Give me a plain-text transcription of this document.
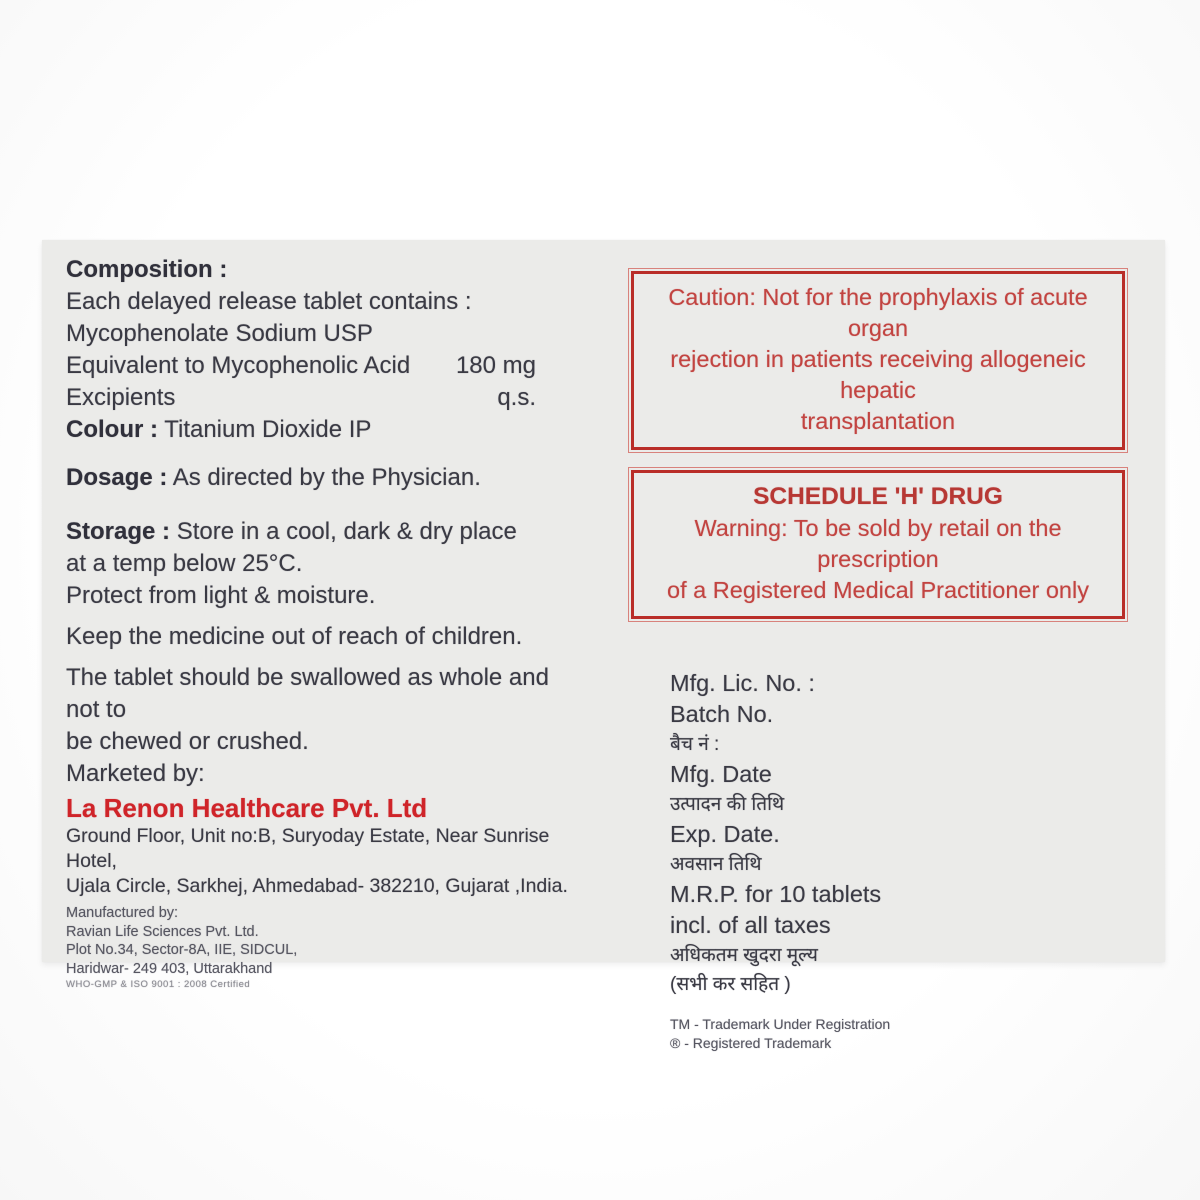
Composition :
Each delayed release tablet contains :
Mycophenolate Sodium USP
Equivalent to Mycophenolic Acid 180 mg
Excipients	q.s.
Colour : Titanium Dioxide IP
Dosage : As directed by the Physician.
Storage : Store in a cool, dark & dry place
at a temp below 25°C.
Protect from light & moisture.
Keep the medicine out of reach of children.
The tablet should be swallowed as whole and not to
be chewed or crushed.
Marketed by:
La Renon Healthcare Pvt. Ltd
Ground Floor, Unit no:B, Suryoday Estate, Near Sunrise Hotel,
Ujala Circle, Sarkhej, Ahmedabad- 382210, Gujarat ,India.
Manufactured by:
Ravian Life Sciences Pvt. Ltd.
Plot No.34, Sector-8A, IIE, SIDCUL,
Haridwar- 249 403, Uttarakhand
WHO-GMP & ISO 9001 : 2008 Certified
Caution: Not for the prophylaxis of acute organ
rejection in patients receiving allogeneic hepatic
transplantation
SCHEDULE 'H' DRUG
Warning: To be sold by retail on the prescription
of a Registered Medical Practitioner only
Mfg. Lic. No. :
Batch No.
बैच नं :
Mfg. Date
उत्पादन की तिथि
Exp. Date.
अवसान तिथि
M.R.P. for 10 tablets
incl. of all taxes
अधिकतम खुदरा मूल्य
(सभी कर सहित )
TM - Trademark Under Registration
® - Registered Trademark
